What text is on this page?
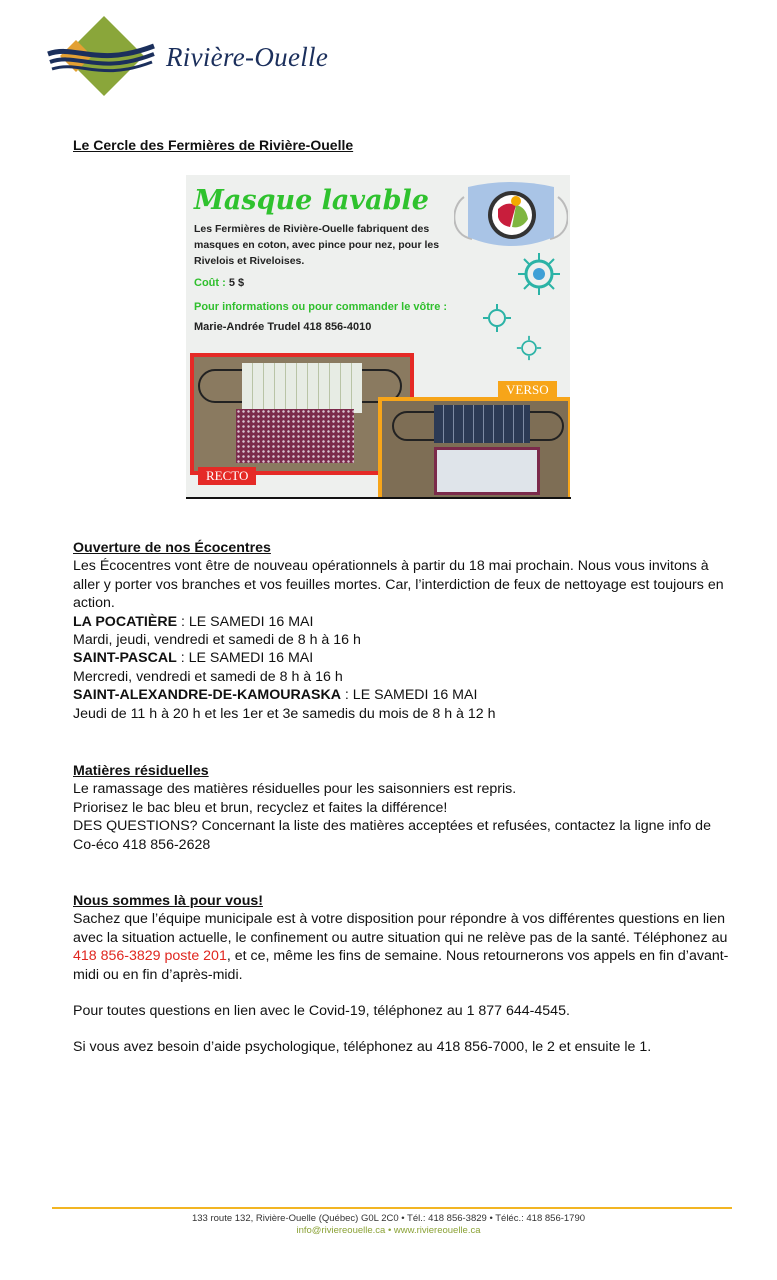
Rivière-Ouelle
Le Cercle des Fermières de Rivière-Ouelle
Masque lavable
Les Fermières de Rivière-Ouelle fabriquent des masques en coton, avec pince pour nez, pour les Rivelois et Riveloises.
Coût : 5 $
Pour informations ou pour commander le vôtre :
Marie-Andrée Trudel 418 856-4010
RECTO
VERSO
Ouverture de nos Écocentres

Les Écocentres vont être de nouveau opérationnels à partir du 18 mai prochain. Nous vous invitons à aller y porter vos branches et vos feuilles mortes. Car, l’interdiction de feux de nettoyage est toujours en action.

LA POCATIÈRE : LE SAMEDI 16 MAI

Mardi, jeudi, vendredi et samedi de 8 h à 16 h

SAINT-PASCAL : LE SAMEDI 16 MAI

Mercredi, vendredi et samedi de 8 h à 16 h

SAINT-ALEXANDRE-DE-KAMOURASKA : LE SAMEDI 16 MAI

Jeudi de 11 h à 20 h et les 1er et 3e samedis du mois de 8 h à 12 h

Matières résiduelles

Le ramassage des matières résiduelles pour les saisonniers est repris.

Priorisez le bac bleu et brun, recyclez et faites la différence!

DES QUESTIONS? Concernant la liste des matières acceptées et refusées, contactez la ligne info de Co-éco 418 856-2628

Nous sommes là pour vous!

Sachez que l’équipe municipale est à votre disposition pour répondre à vos différentes questions en lien avec la situation actuelle, le confinement ou autre situation qui ne relève pas de la santé. Téléphonez au 418 856-3829 poste 201, et ce, même les fins de semaine. Nous retournerons vos appels en fin d’avant-midi ou en fin d’après-midi.

Pour toutes questions en lien avec le Covid-19, téléphonez au 1 877 644-4545.

Si vous avez besoin d’aide psychologique, téléphonez au 418 856-7000, le 2 et ensuite le 1.

133 route 132, Rivière-Ouelle (Québec) G0L 2C0 • Tél.: 418 856-3829 • Téléc.: 418 856-1790
info@riviereouelle.ca • www.riviereouelle.ca
